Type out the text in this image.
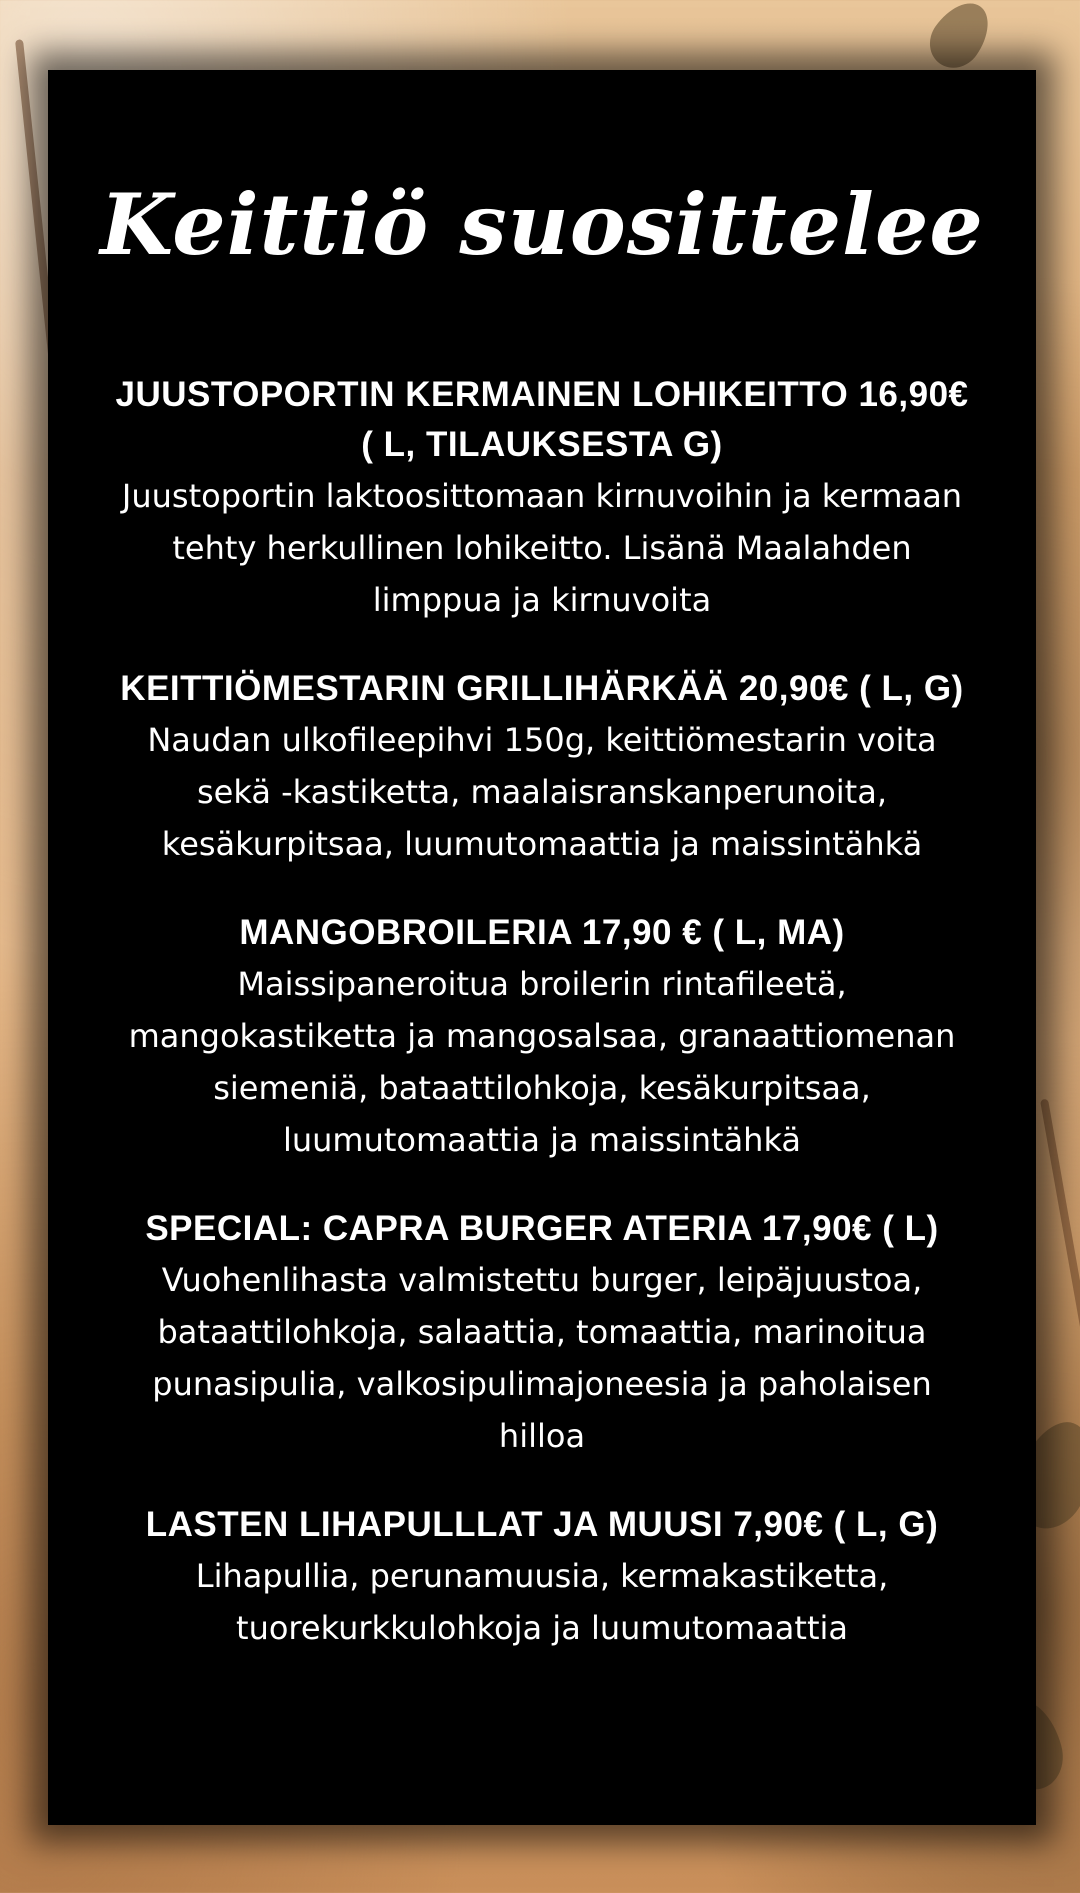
Keittiö suosittelee
JUUSTOPORTIN KERMAINEN LOHIKEITTO 16,90€
( L, TILAUKSESTA G)
Juustoportin laktoosittomaan kirnuvoihin ja kermaan
tehty herkullinen lohikeitto. Lisänä Maalahden
limppua ja kirnuvoita
KEITTIÖMESTARIN GRILLIHÄRKÄÄ 20,90€ ( L, G)
Naudan ulkofileepihvi 150g, keittiömestarin voita
sekä -kastiketta, maalaisranskanperunoita,
kesäkurpitsaa, luumutomaattia ja maissintähkä
MANGOBROILERIA 17,90 € ( L, MA)
Maissipaneroitua broilerin rintafileetä,
mangokastiketta ja mangosalsaa, granaattiomenan
siemeniä, bataattilohkoja, kesäkurpitsaa,
luumutomaattia ja maissintähkä
SPECIAL: CAPRA BURGER ATERIA 17,90€ ( L)
Vuohenlihasta valmistettu burger, leipäjuustoa,
bataattilohkoja, salaattia, tomaattia, marinoitua
punasipulia, valkosipulimajoneesia ja paholaisen
hilloa
LASTEN LIHAPULLLAT JA MUUSI 7,90€ ( L, G)
Lihapullia, perunamuusia, kermakastiketta,
tuorekurkkulohkoja ja luumutomaattia
